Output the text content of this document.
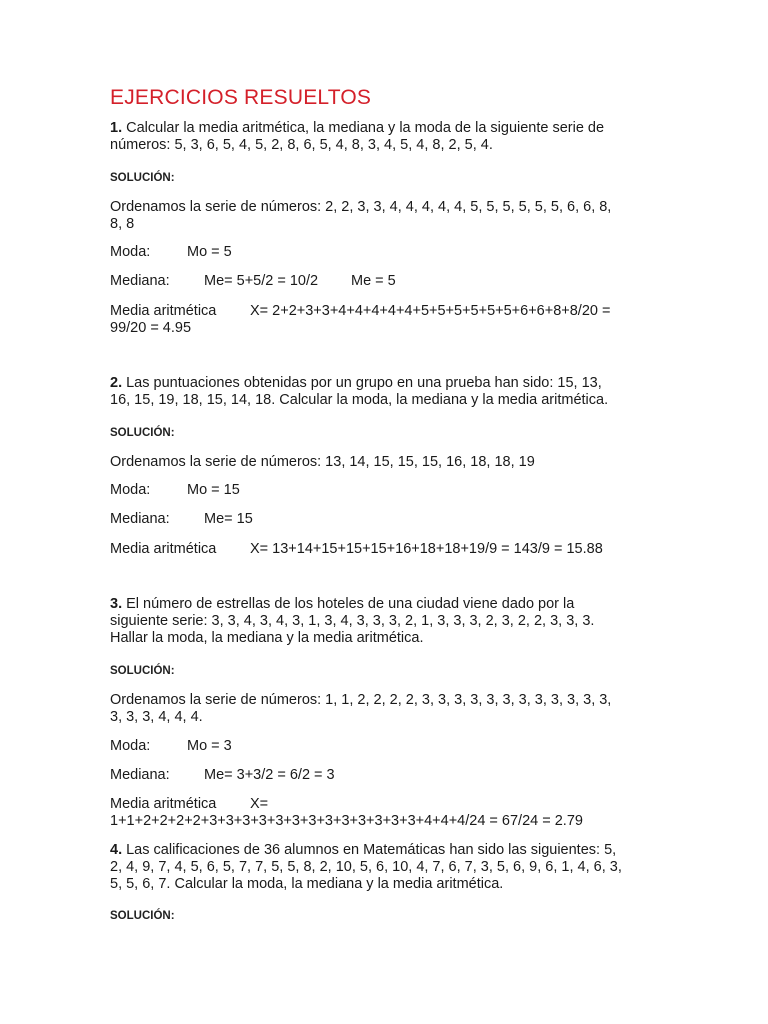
EJERCICIOS RESUELTOS
1. Calcular la media aritmética, la mediana y la moda de la siguiente serie de
números: 5, 3, 6, 5, 4, 5, 2, 8, 6, 5, 4, 8, 3, 4, 5, 4, 8, 2, 5, 4.
SOLUCIÓN:
Ordenamos la serie de números: 2, 2, 3, 3, 4, 4, 4, 4, 4, 5, 5, 5, 5, 5, 5, 6, 6, 8,
8, 8
Moda:	Mo = 5
Mediana: Me= 5+5/2 = 10/2 Me = 5
Media aritmética X= 2+2+3+3+4+4+4+4+4+5+5+5+5+5+5+6+6+8+8/20 =
99/20 = 4.95
2. Las puntuaciones obtenidas por un grupo en una prueba han sido: 15, 13,
16, 15, 19, 18, 15, 14, 18. Calcular la moda, la mediana y la media aritmética.
SOLUCIÓN:
Ordenamos la serie de números: 13, 14, 15, 15, 15, 16, 18, 18, 19
Moda:	Mo = 15
Mediana: Me= 15
Media aritmética X= 13+14+15+15+15+16+18+18+19/9 = 143/9 = 15.88
3. El número de estrellas de los hoteles de una ciudad viene dado por la
siguiente serie: 3, 3, 4, 3, 4, 3, 1, 3, 4, 3, 3, 3, 2, 1, 3, 3, 3, 2, 3, 2, 2, 3, 3, 3.
Hallar la moda, la mediana y la media aritmética.
SOLUCIÓN:
Ordenamos la serie de números: 1, 1, 2, 2, 2, 2, 3, 3, 3, 3, 3, 3, 3, 3, 3, 3, 3, 3,
3, 3, 3, 4, 4, 4.
Moda:	Mo = 3
Mediana: Me= 3+3/2 = 6/2 = 3
Media aritmética X=
1+1+2+2+2+2+3+3+3+3+3+3+3+3+3+3+3+3+3+4+4+4/24 = 67/24 = 2.79
4. Las calificaciones de 36 alumnos en Matemáticas han sido las siguientes: 5,
2, 4, 9, 7, 4, 5, 6, 5, 7, 7, 5, 5, 8, 2, 10, 5, 6, 10, 4, 7, 6, 7, 3, 5, 6, 9, 6, 1, 4, 6, 3,
5, 5, 6, 7. Calcular la moda, la mediana y la media aritmética.
SOLUCIÓN:
